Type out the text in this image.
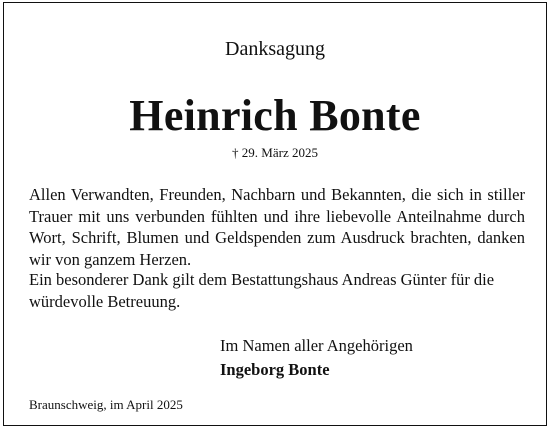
Danksagung
Heinrich Bonte
† 29. März 2025

Allen Verwandten, Freunden, Nachbarn und Bekannten, die sich in stiller Trauer mit uns verbunden fühlten und ihre liebevolle Anteilnahme durch Wort, Schrift, Blumen und Geldspenden zum Ausdruck brachten, danken wir von ganzem Herzen.

Ein besonderer Dank gilt dem Bestattungshaus Andreas Günter für die würdevolle Betreuung.

Im Namen aller Angehörigen
Ingeborg Bonte
Braunschweig, im April 2025
